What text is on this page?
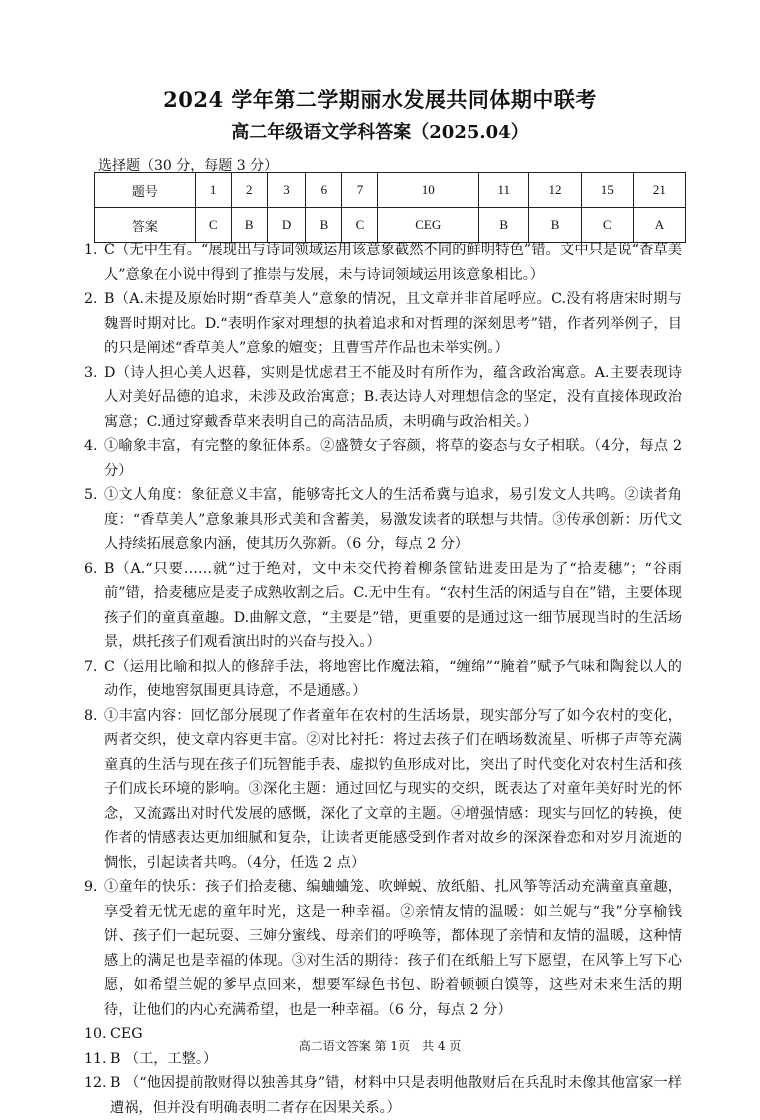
2024 学年第二学期丽水发展共同体期中联考
高二年级语文学科答案（2025.04）
选择题（30 分，每题 3 分）
题号	1	2	3	6	7	10	11	12	15	21
答案	C	B	D	B	C	CEG	B	B	C	A

1. C（无中生有。“展现出与诗词领域运用该意象截然不同的鲜明特色”错。文中只是说“香草美人”意象在小说中得到了推崇与发展，未与诗词领域运用该意象相比。）

2. B（A.未提及原始时期“香草美人”意象的情况，且文章并非首尾呼应。C.没有将唐宋时期与魏晋时期对比。D.“表明作家对理想的执着追求和对哲理的深刻思考”错，作者列举例子，目的只是阐述“香草美人”意象的嬗变；且曹雪芹作品也未举实例。）

3. D（诗人担心美人迟暮，实则是忧虑君王不能及时有所作为，蕴含政治寓意。A.主要表现诗人对美好品德的追求，未涉及政治寓意；B.表达诗人对理想信念的坚定，没有直接体现政治寓意；C.通过穿戴香草来表明自己的高洁品质，未明确与政治相关。）

4. ①喻象丰富，有完整的象征体系。②盛赞女子容颜，将草的姿态与女子相联。（4分，每点 2 分）

5. ①文人角度：象征意义丰富，能够寄托文人的生活希冀与追求，易引发文人共鸣。②读者角度：“香草美人”意象兼具形式美和含蓄美，易激发读者的联想与共情。③传承创新：历代文人持续拓展意象内涵，使其历久弥新。（6 分，每点 2 分）

6. B（A.“只要……就”过于绝对，文中未交代挎着柳条筐钻进麦田是为了“拾麦穗”；“谷雨前”错，拾麦穗应是麦子成熟收割之后。C.无中生有。“农村生活的闲适与自在”错，主要体现孩子们的童真童趣。D.曲解文意，“主要是”错，更重要的是通过这一细节展现当时的生活场景，烘托孩子们观看演出时的兴奋与投入。）

7. C（运用比喻和拟人的修辞手法，将地窖比作魔法箱，“缠绵”“腌着”赋予气味和陶瓮以人的动作，使地窖氛围更具诗意，不是通感。）

8. ①丰富内容：回忆部分展现了作者童年在农村的生活场景，现实部分写了如今农村的变化，两者交织，使文章内容更丰富。②对比衬托：将过去孩子们在晒场数流星、听梆子声等充满童真的生活与现在孩子们玩智能手表、虚拟钓鱼形成对比，突出了时代变化对农村生活和孩子们成长环境的影响。③深化主题：通过回忆与现实的交织，既表达了对童年美好时光的怀念，又流露出对时代发展的感慨，深化了文章的主题。④增强情感：现实与回忆的转换，使作者的情感表达更加细腻和复杂，让读者更能感受到作者对故乡的深深眷恋和对岁月流逝的惆怅，引起读者共鸣。（4分，任选 2 点）

9. ①童年的快乐：孩子们拾麦穗、编蛐蛐笼、吹蝉蜕、放纸船、扎风筝等活动充满童真童趣，享受着无忧无虑的童年时光，这是一种幸福。②亲情友情的温暖：如兰妮与“我”分享榆钱饼、孩子们一起玩耍、三婶分蜜线、母亲们的呼唤等，都体现了亲情和友情的温暖，这种情感上的满足也是幸福的体现。③对生活的期待：孩子们在纸船上写下愿望，在风筝上写下心愿，如希望兰妮的爹早点回来，想要军绿色书包、盼着顿顿白馍等，这些对未来生活的期待，让他们的内心充满希望，也是一种幸福。（6 分，每点 2 分）

10. CEG

11. B （工，工整。）

12. B （“他因提前散财得以独善其身”错，材料中只是表明他散财后在兵乱时未像其他富家一样遭祸，但并没有明确表明二者存在因果关系。）

高二语文答案 第 1页　共 4 页
